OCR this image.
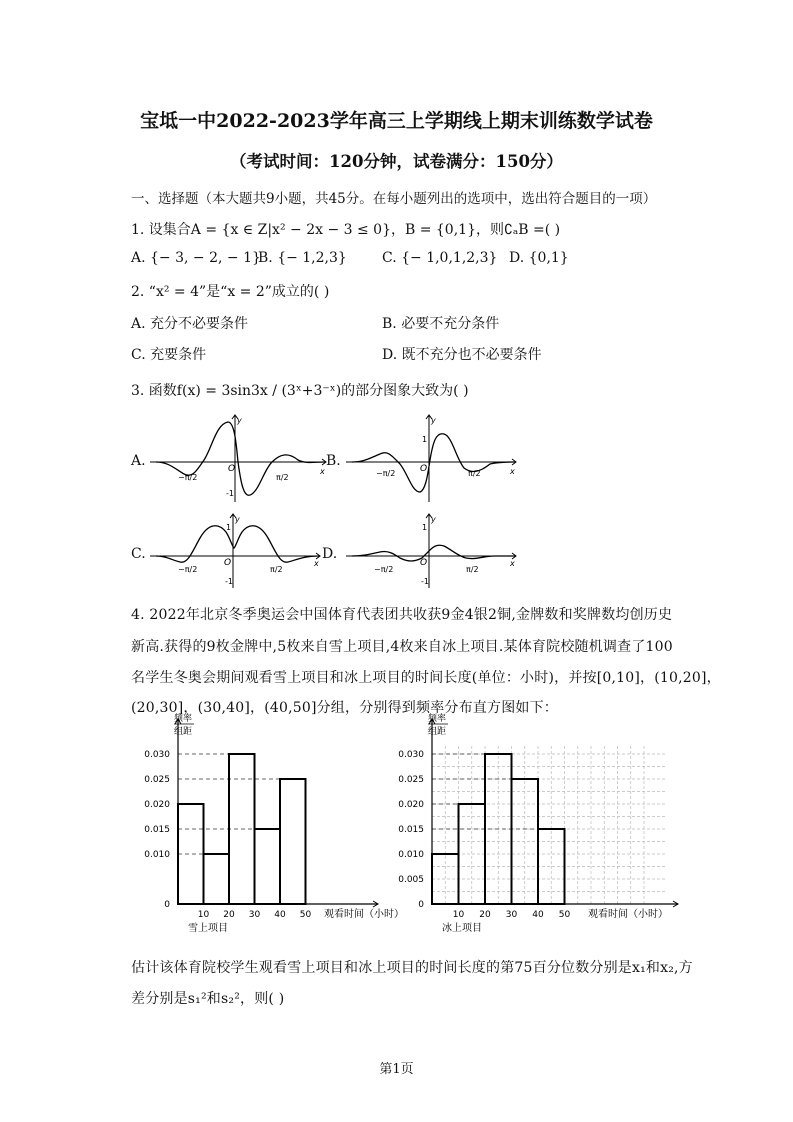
宝坻一中2022-2023学年高三上学期线上期末训练数学试卷
（考试时间：120分钟，试卷满分：150分）
一、选择题（本大题共9小题，共45分。在每小题列出的选项中，选出符合题目的一项）
1. 设集合A = {x ∈ Z|x² − 2x − 3 ≤ 0}，B = {0,1}，则∁ₐB =( )
A. {− 3, − 2, − 1}
B. {− 1,2,3}	C. {− 1,0,1,2,3} D. {0,1}
2. “x² = 4”是“x = 2”成立的( )
A. 充分不必要条件	B. 必要不充分条件
C. 充要条件	D. 既不充分也不必要条件
3. 函数f(x) = 3sin3x / (3ˣ+3⁻ˣ)的部分图象大致为( )
A.	B.
C.	D.
y
x
O
-1
−π/2	π/2
y
x
O
1
−π/2	π/2
y
x
O
1
-1
−π/2	π/2
y
x
O
1
-1
−π/2	π/2
4. 2022年北京冬季奥运会中国体育代表团共收获9金4银2铜,金牌数和奖牌数均创历史
新高.获得的9枚金牌中,5枚来自雪上项目,4枚来自冰上项目.某体育院校随机调查了100
名学生冬奥会期间观看雪上项目和冰上项目的时间长度(单位：小时)，并按[0,10]，(10,20]，
(20,30]，(30,40]，(40,50]分组，分别得到频率分布直方图如下：
0
0.010
0.015
0.020
0.025
0.030
10 20 30 40 50
频率
组距
观看时间（小时）
雪上项目
0
0.005
0.010
0.015
0.020
0.025
0.030
10 20 30 40 50
频率
组距
观看时间（小时）
冰上项目
估计该体育院校学生观看雪上项目和冰上项目的时间长度的第75百分位数分别是x₁和x₂,方
差分别是s₁²和s₂²，则( )
第1页
